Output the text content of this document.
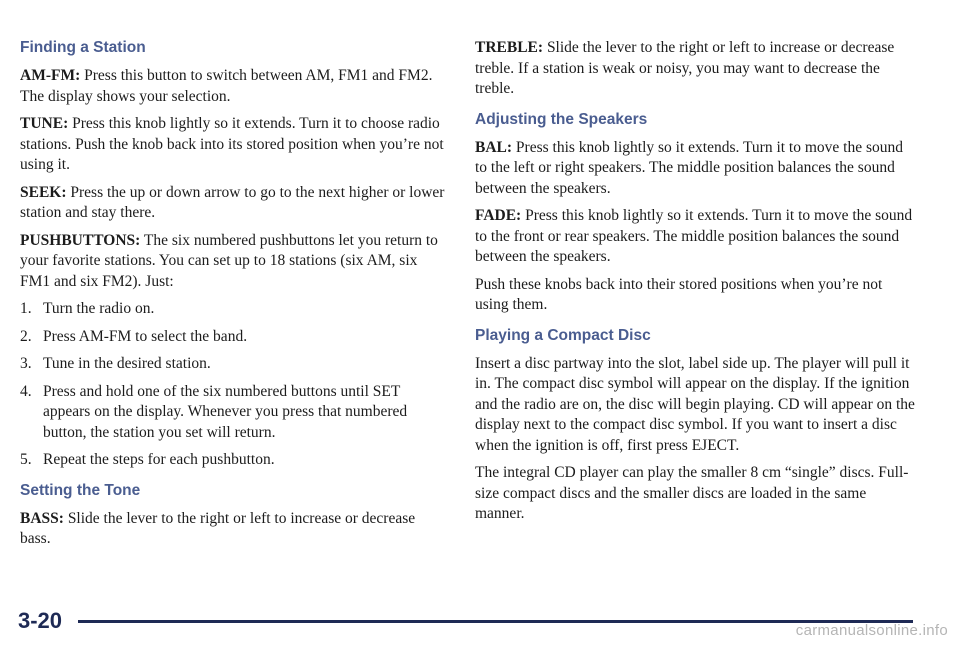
Finding a Station

AM-FM: Press this button to switch between AM, FM1 and FM2. The display shows your selection.

TUNE: Press this knob lightly so it extends. Turn it to choose radio stations. Push the knob back into its stored position when you’re not using it.

SEEK: Press the up or down arrow to go to the next higher or lower station and stay there.

PUSHBUTTONS: The six numbered pushbuttons let you return to your favorite stations. You can set up to 18 stations (six AM, six FM1 and six FM2). Just:

1. Turn the radio on.
2. Press AM-FM to select the band.
3. Tune in the desired station.
4. Press and hold one of the six numbered buttons until SET appears on the display. Whenever you press that numbered button, the station you set will return.
5. Repeat the steps for each pushbutton.
Setting the Tone

BASS: Slide the lever to the right or left to increase or decrease bass.

TREBLE: Slide the lever to the right or left to increase or decrease treble. If a station is weak or noisy, you may want to decrease the treble.

Adjusting the Speakers

BAL: Press this knob lightly so it extends. Turn it to move the sound to the left or right speakers. The middle position balances the sound between the speakers.

FADE: Press this knob lightly so it extends. Turn it to move the sound to the front or rear speakers. The middle position balances the sound between the speakers.

Push these knobs back into their stored positions when you’re not using them.

Playing a Compact Disc

Insert a disc partway into the slot, label side up. The player will pull it in. The compact disc symbol will appear on the display. If the ignition and the radio are on, the disc will begin playing. CD will appear on the display next to the compact disc symbol. If you want to insert a disc when the ignition is off, first press EJECT.

The integral CD player can play the smaller 8 cm “single” discs. Full-size compact discs and the smaller discs are loaded in the same manner.

3-20	carmanualsonline.info
